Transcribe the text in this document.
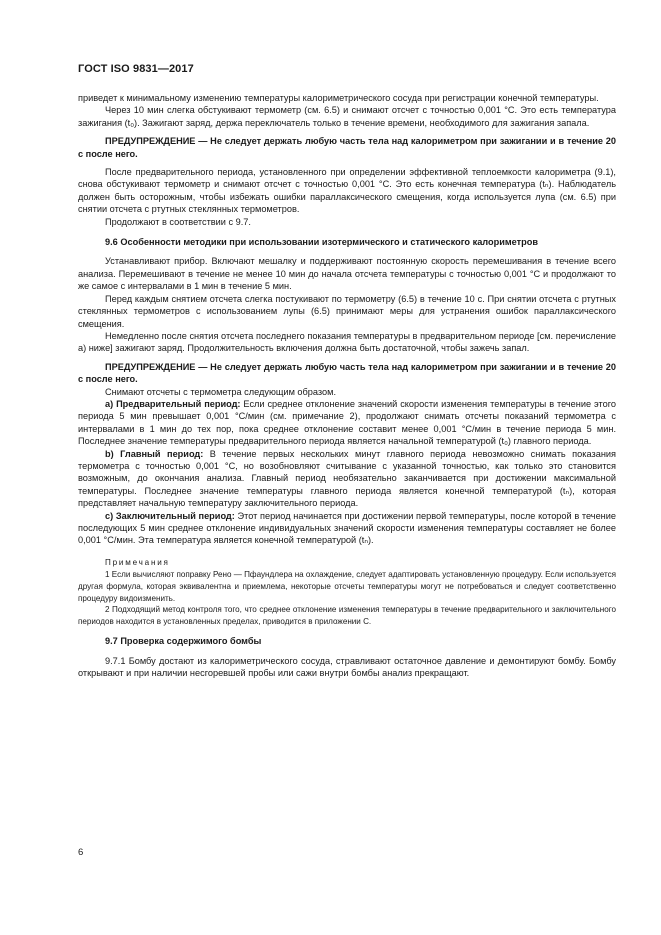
ГОСТ ISO 9831—2017

приведет к минимальному изменению температуры калориметрического сосуда при регистрации конечной температуры.

Через 10 мин слегка обстукивают термометр (см. 6.5) и снимают отсчет с точностью 0,001 °С. Это есть температура зажигания (t₀). Зажигают заряд, держа переключатель только в течение времени, необходимого для зажигания запала.

ПРЕДУПРЕЖДЕНИЕ — Не следует держать любую часть тела над калориметром при зажигании и в течение 20 с после него.

После предварительного периода, установленного при определении эффективной теплоемкости калориметра (9.1), снова обстукивают термометр и снимают отсчет с точностью 0,001 °С. Это есть конечная температура (tₙ). Наблюдатель должен быть осторожным, чтобы избежать ошибки параллаксического смещения, когда используется лупа (см. 6.5) при снятии отсчета с ртутных стеклянных термометров.

Продолжают в соответствии с 9.7.

9.6 Особенности методики при использовании изотермического и статического калориметров

Устанавливают прибор. Включают мешалку и поддерживают постоянную скорость перемешивания в течение всего анализа. Перемешивают в течение не менее 10 мин до начала отсчета температуры с точностью 0,001 °С и продолжают то же самое с интервалами в 1 мин в течение 5 мин.

Перед каждым снятием отсчета слегка постукивают по термометру (6.5) в течение 10 с. При снятии отсчета с ртутных стеклянных термометров с использованием лупы (6.5) принимают меры для устранения ошибок параллаксического смещения.

Немедленно после снятия отсчета последнего показания температуры в предварительном периоде [см. перечисление а) ниже] зажигают заряд. Продолжительность включения должна быть достаточной, чтобы зажечь запал.

ПРЕДУПРЕЖДЕНИЕ — Не следует держать любую часть тела над калориметром при зажигании и в течение 20 с после него.

Снимают отсчеты с термометра следующим образом.

а) Предварительный период: Если среднее отклонение значений скорости изменения температуры в течение этого периода 5 мин превышает 0,001 °С/мин (см. примечание 2), продолжают снимать отсчеты показаний термометра с интервалами в 1 мин до тех пор, пока среднее отклонение составит менее 0,001 °С/мин в течение периода 5 мин. Последнее значение температуры предварительного периода является начальной температурой (t₀) главного периода.

b) Главный период: В течение первых нескольких минут главного периода невозможно снимать показания термометра с точностью 0,001 °С, но возобновляют считывание с указанной точностью, как только это становится возможным, до окончания анализа. Главный период необязательно заканчивается при достижении максимальной температуры. Последнее значение температуры главного периода является конечной температурой (tₙ), которая представляет начальную температуру заключительного периода.

с) Заключительный период: Этот период начинается при достижении первой температуры, после которой в течение последующих 5 мин среднее отклонение индивидуальных значений скорости изменения температуры составляет не более 0,001 °С/мин. Эта температура является конечной температурой (tₙ).

Примечания

1 Если вычисляют поправку Рено — Пфаундлера на охлаждение, следует адаптировать установленную процедуру. Если используется другая формула, которая эквивалентна и приемлема, некоторые отсчеты температуры могут не потребоваться и следует соответственно процедуру видоизменить.

2 Подходящий метод контроля того, что среднее отклонение изменения температуры в течение предварительного и заключительного периодов находится в установленных пределах, приводится в приложении С.

9.7 Проверка содержимого бомбы

9.7.1 Бомбу достают из калориметрического сосуда, стравливают остаточное давление и демонтируют бомбу. Бомбу открывают и при наличии несгоревшей пробы или сажи внутри бомбы анализ прекращают.

6
